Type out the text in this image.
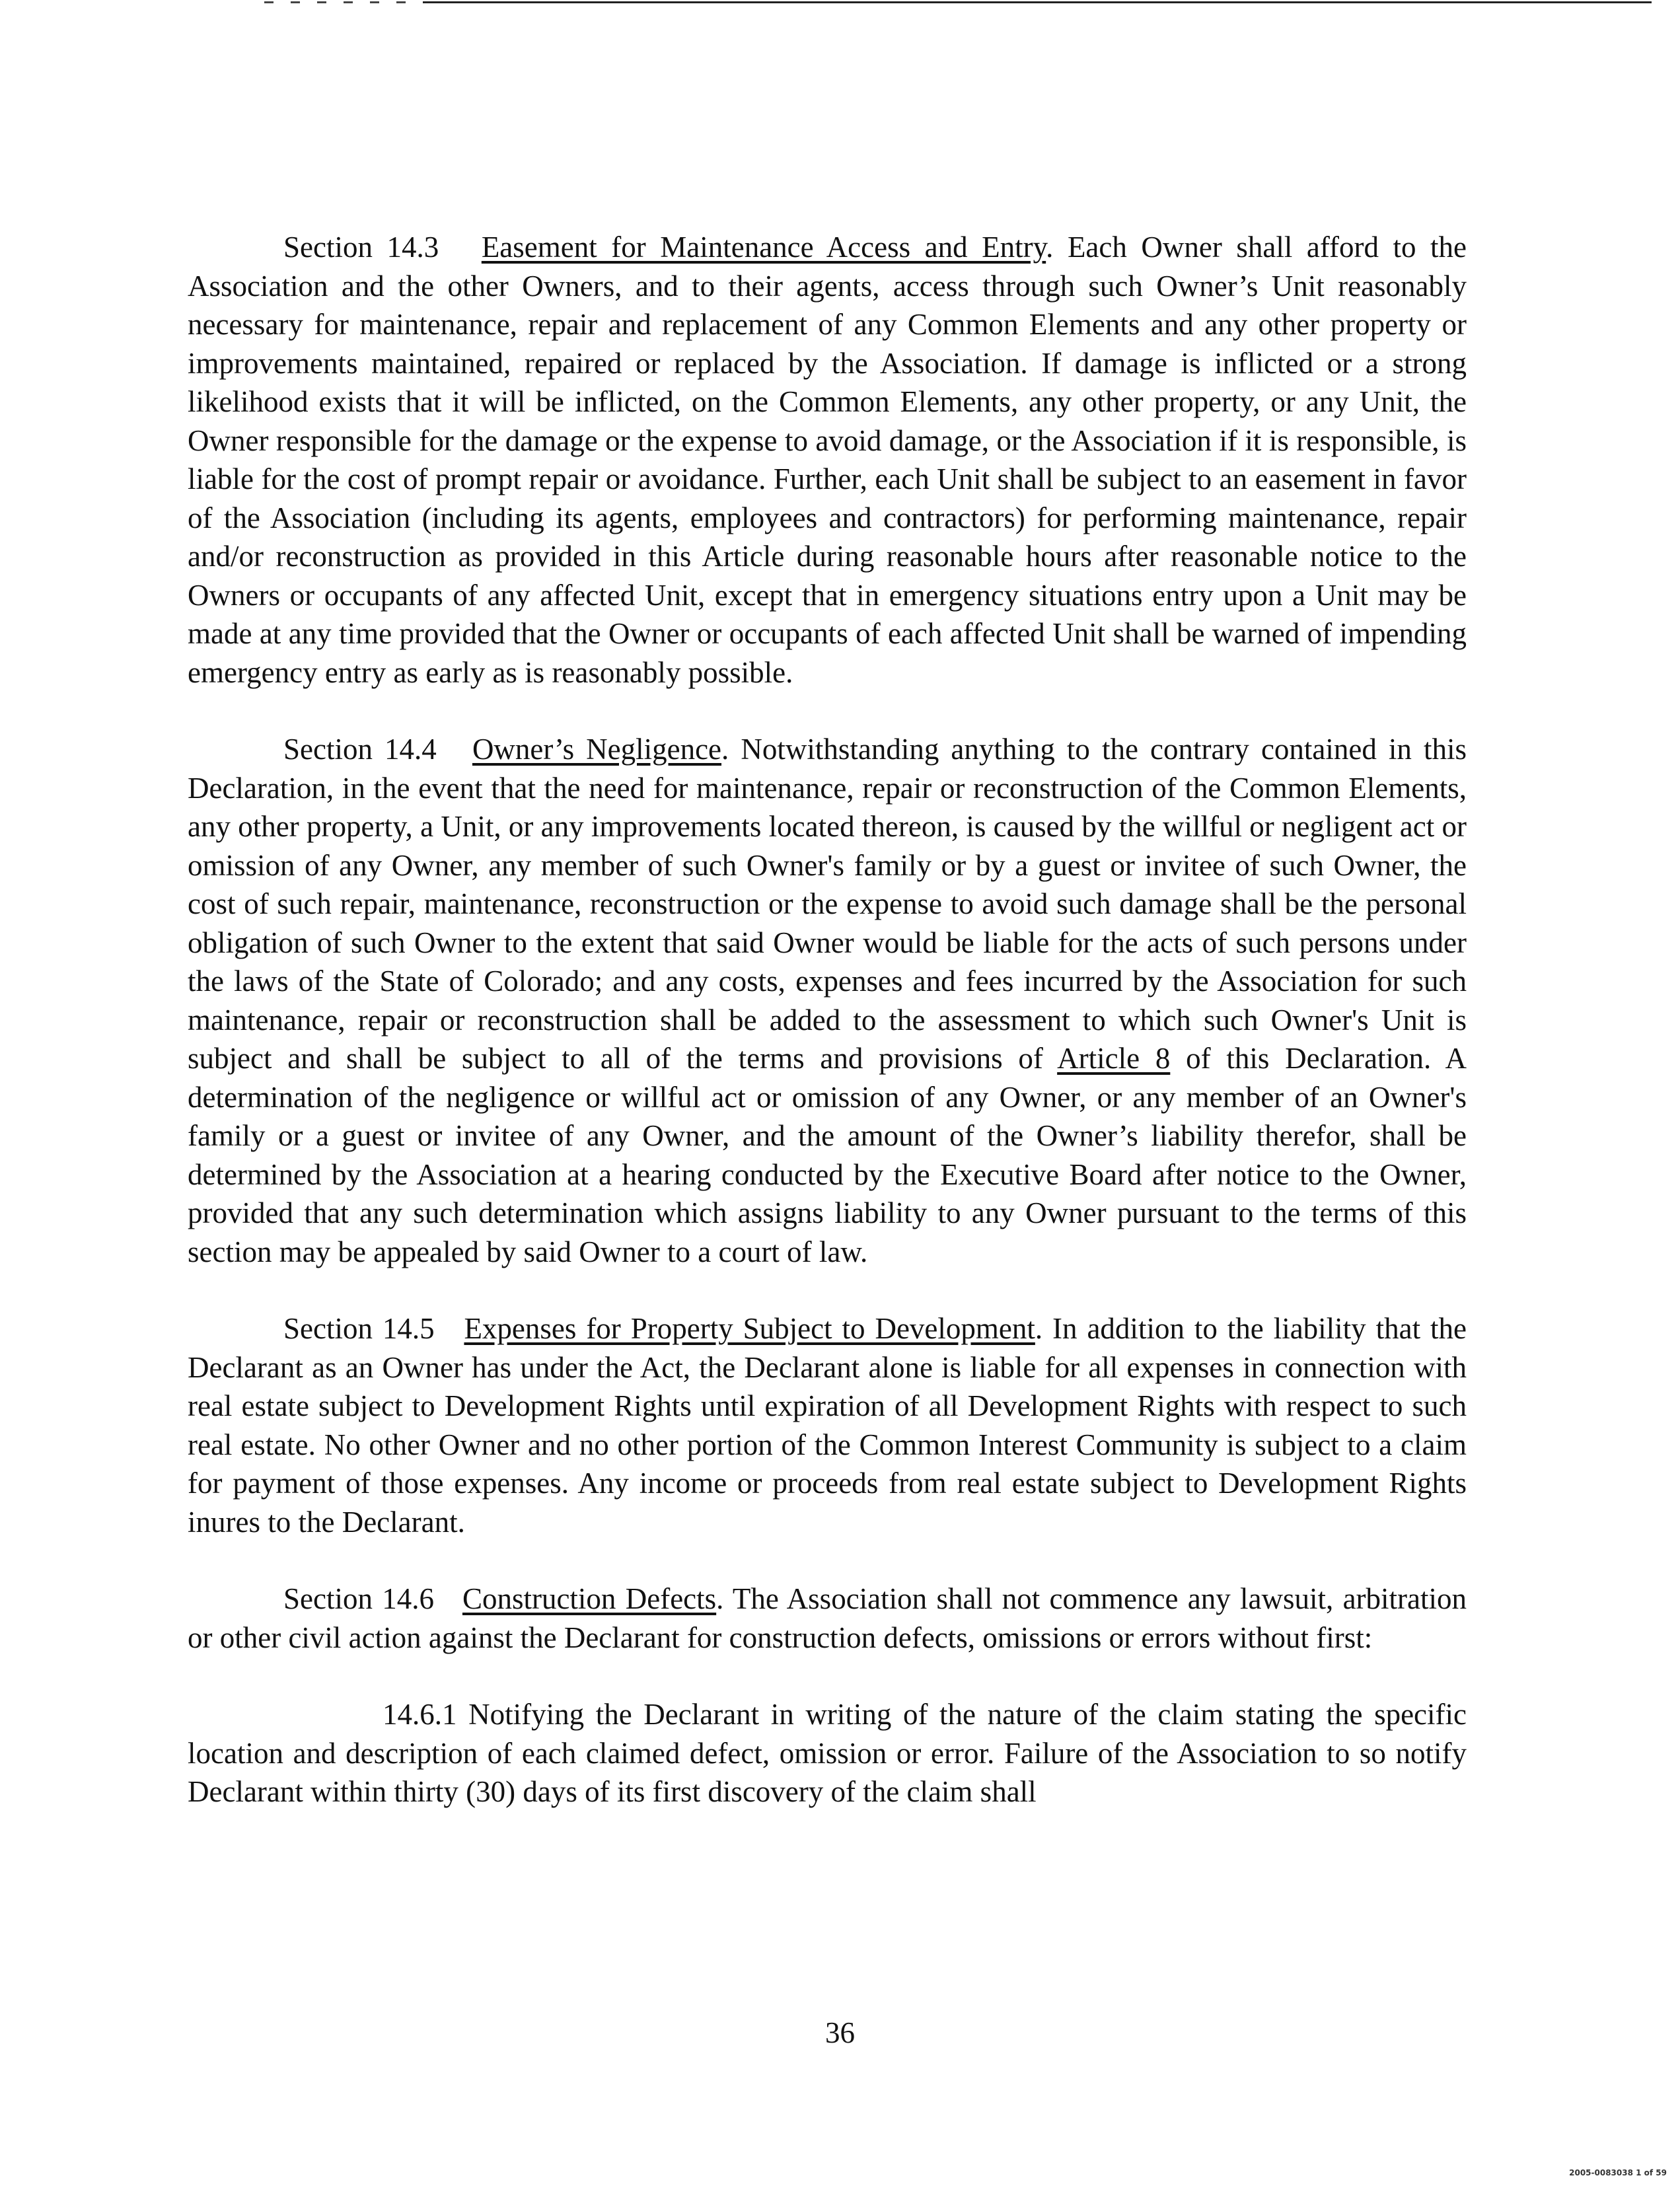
Section 14.3 Easement for Maintenance Access and Entry. Each Owner shall afford to the Association and the other Owners, and to their agents, access through such Owner’s Unit reasonably necessary for maintenance, repair and replacement of any Common Elements and any other property or improvements maintained, repaired or replaced by the Association. If damage is inflicted or a strong likelihood exists that it will be inflicted, on the Common Elements, any other property, or any Unit, the Owner responsible for the damage or the expense to avoid damage, or the Association if it is responsible, is liable for the cost of prompt repair or avoidance. Further, each Unit shall be subject to an easement in favor of the Association (including its agents, employees and contractors) for performing maintenance, repair and/or reconstruction as provided in this Article during reasonable hours after reasonable notice to the Owners or occupants of any affected Unit, except that in emergency situations entry upon a Unit may be made at any time provided that the Owner or occupants of each affected Unit shall be warned of impending emergency entry as early as is reasonably possible.

Section 14.4 Owner’s Negligence. Notwithstanding anything to the contrary contained in this Declaration, in the event that the need for maintenance, repair or reconstruction of the Common Elements, any other property, a Unit, or any improvements located thereon, is caused by the willful or negligent act or omission of any Owner, any member of such Owner's family or by a guest or invitee of such Owner, the cost of such repair, maintenance, reconstruction or the expense to avoid such damage shall be the personal obligation of such Owner to the extent that said Owner would be liable for the acts of such persons under the laws of the State of Colorado; and any costs, expenses and fees incurred by the Association for such maintenance, repair or reconstruction shall be added to the assessment to which such Owner's Unit is subject and shall be subject to all of the terms and provisions of Article 8 of this Declaration. A determination of the negligence or willful act or omission of any Owner, or any member of an Owner's family or a guest or invitee of any Owner, and the amount of the Owner’s liability therefor, shall be determined by the Association at a hearing conducted by the Executive Board after notice to the Owner, provided that any such determination which assigns liability to any Owner pursuant to the terms of this section may be appealed by said Owner to a court of law.

Section 14.5 Expenses for Property Subject to Development. In addition to the liability that the Declarant as an Owner has under the Act, the Declarant alone is liable for all expenses in connection with real estate subject to Development Rights until expiration of all Development Rights with respect to such real estate. No other Owner and no other portion of the Common Interest Community is subject to a claim for payment of those expenses. Any income or proceeds from real estate subject to Development Rights inures to the Declarant.

Section 14.6 Construction Defects. The Association shall not commence any lawsuit, arbitration or other civil action against the Declarant for construction defects, omissions or errors without first:

14.6.1 Notifying the Declarant in writing of the nature of the claim stating the specific location and description of each claimed defect, omission or error. Failure of the Association to so notify Declarant within thirty (30) days of its first discovery of the claim shall

36
2005-0083038 1 of 59
